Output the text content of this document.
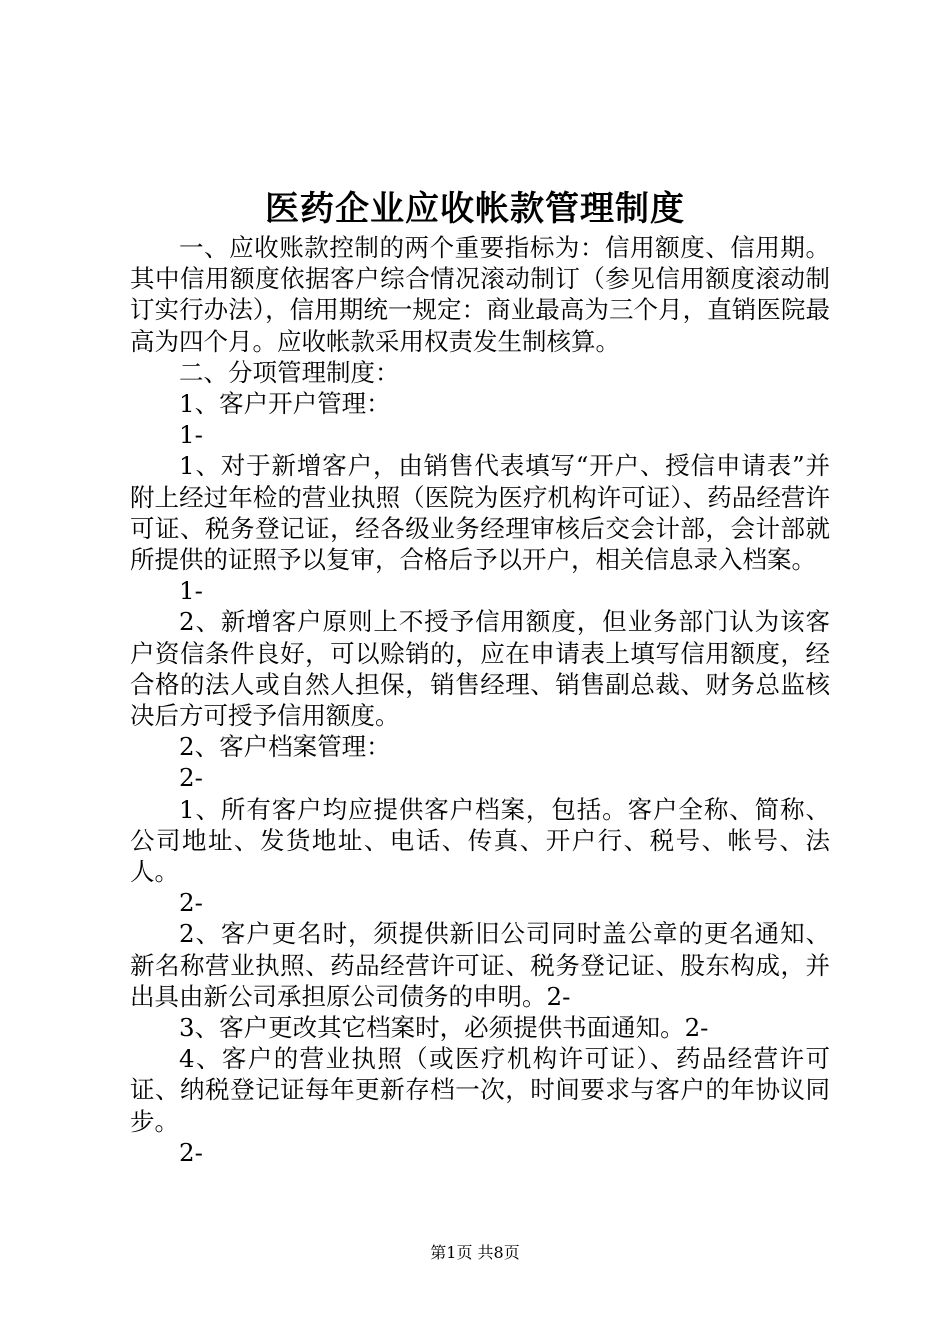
医药企业应收帐款管理制度

一、应收账款控制的两个重要指标为：信用额度、信用期。其中信用额度依据客户综合情况滚动制订（参见信用额度滚动制订实行办法），信用期统一规定：商业最高为三个月，直销医院最高为四个月。应收帐款采用权责发生制核算。

二、分项管理制度：

1、客户开户管理：

1-

1、对于新增客户，由销售代表填写“开户、授信申请表”并附上经过年检的营业执照（医院为医疗机构许可证）、药品经营许可证、税务登记证，经各级业务经理审核后交会计部，会计部就所提供的证照予以复审，合格后予以开户，相关信息录入档案。

1-

2、新增客户原则上不授予信用额度，但业务部门认为该客户资信条件良好，可以赊销的，应在申请表上填写信用额度，经合格的法人或自然人担保，销售经理、销售副总裁、财务总监核决后方可授予信用额度。

2、客户档案管理：

2-

1、所有客户均应提供客户档案，包括。客户全称、简称、公司地址、发货地址、电话、传真、开户行、税号、帐号、法人。

2-

2、客户更名时，须提供新旧公司同时盖公章的更名通知、新名称营业执照、药品经营许可证、税务登记证、股东构成，并出具由新公司承担原公司债务的申明。2-

3、客户更改其它档案时，必须提供书面通知。2-

4、客户的营业执照（或医疗机构许可证）、药品经营许可证、纳税登记证每年更新存档一次，时间要求与客户的年协议同步。

2-

第1页 共8页
